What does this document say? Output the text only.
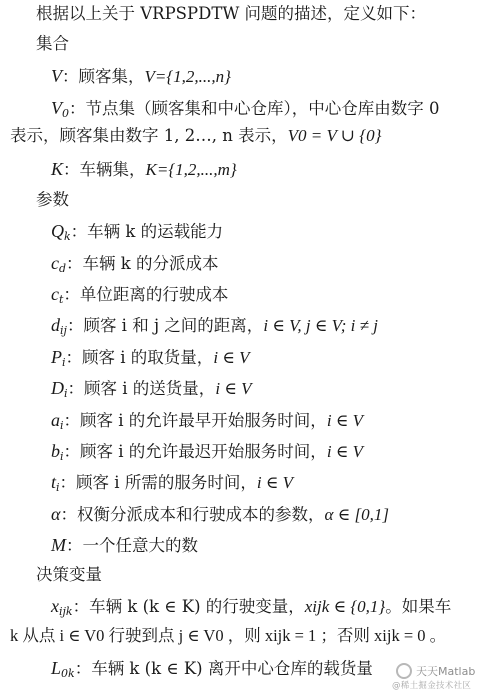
根据以上关于 VRPSPDTW 问题的描述，定义如下：
集合
V：顾客集，V={1,2,...,n}
$V_0$：节点集（顾客集和中心仓库），中心仓库由数字 0
表示，顾客集由数字 1, 2…, n 表示，V0 = V ∪ {0}
K：车辆集，K={1,2,...,m}
参数
$Q_k$：车辆 k 的运载能力
$c_d$：车辆 k 的分派成本
$c_t$：单位距离的行驶成本
$d_{ij}$：顾客 i 和 j 之间的距离，i ∈ V, j ∈ V; i ≠ j
$P_i$：顾客 i 的取货量，i ∈ V
$D_i$：顾客 i 的送货量，i ∈ V
$a_i$：顾客 i 的允许最早开始服务时间，i ∈ V
$b_i$：顾客 i 的允许最迟开始服务时间，i ∈ V
$t_i$：顾客 i 所需的服务时间，i ∈ V
α：权衡分派成本和行驶成本的参数，α ∈ [0,1]
M：一个任意大的数
决策变量
$x_{ijk}$：车辆 k (k ∈ K) 的行驶变量，xijk ∈ {0,1}。如果车
k 从点 i ∈ V0 行驶到点 j ∈ V0 ，则 xijk = 1 ；否则 xijk = 0 。
$L_{0k}$：车辆 k (k ∈ K) 离开中心仓库的载货量	天天Matlab
@稀土掘金技术社区
